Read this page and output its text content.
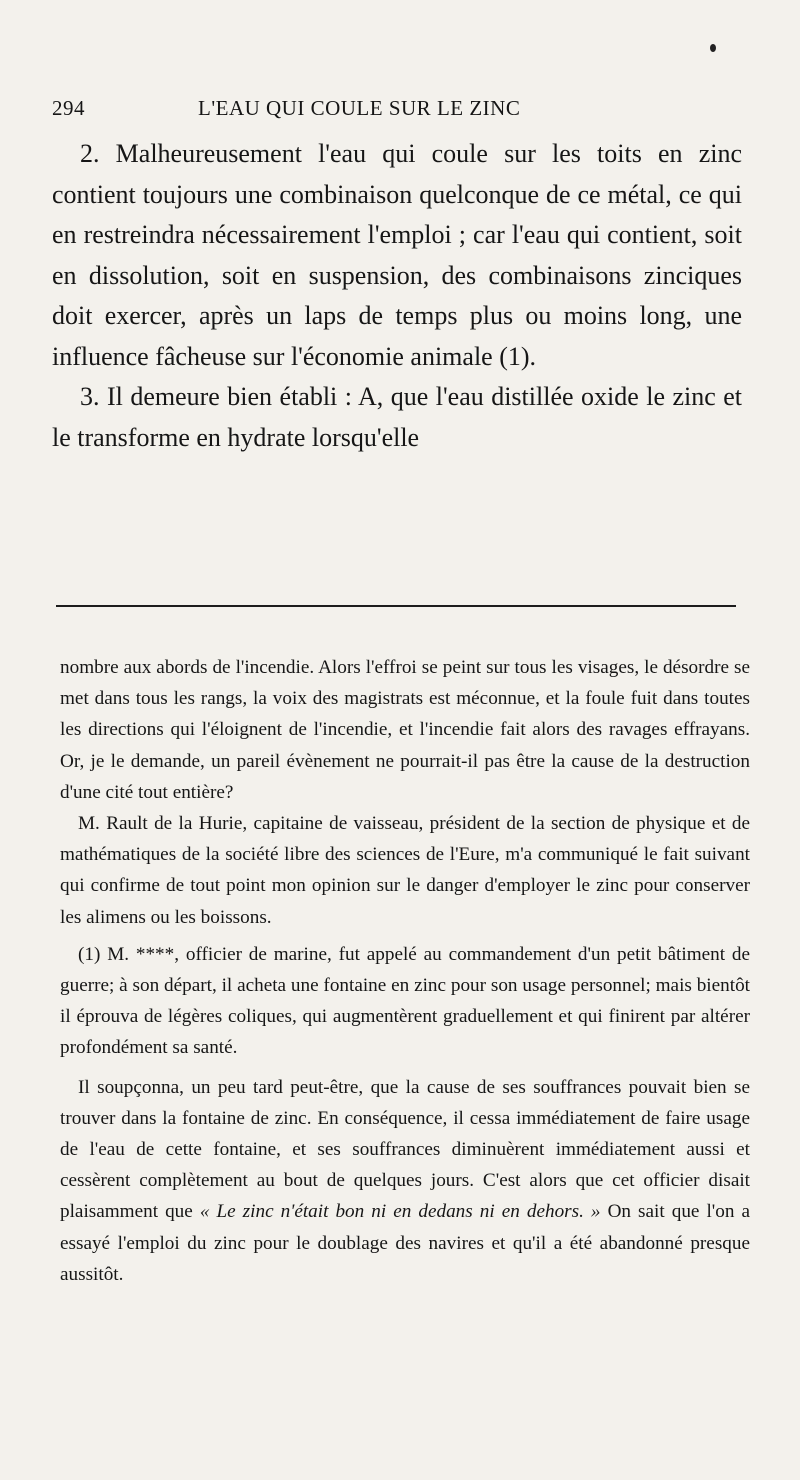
294	L'EAU QUI COULE SUR LE ZINC

2. Malheureusement l'eau qui coule sur les toits en zinc contient toujours une combinaison quelconque de ce métal, ce qui en restreindra nécessairement l'emploi ; car l'eau qui contient, soit en dissolution, soit en suspension, des combinaisons zinciques doit exercer, après un laps de temps plus ou moins long, une influence fâcheuse sur l'économie animale (1).

3. Il demeure bien établi : A, que l'eau distillée oxide le zinc et le transforme en hydrate lorsqu'elle

nombre aux abords de l'incendie. Alors l'effroi se peint sur tous les visages, le désordre se met dans tous les rangs, la voix des magistrats est méconnue, et la foule fuit dans toutes les directions qui l'éloignent de l'incendie, et l'incendie fait alors des ravages effrayans. Or, je le demande, un pareil évènement ne pourrait-il pas être la cause de la destruction d'une cité tout entière?

M. Rault de la Hurie, capitaine de vaisseau, président de la section de physique et de mathématiques de la société libre des sciences de l'Eure, m'a communiqué le fait suivant qui confirme de tout point mon opinion sur le danger d'employer le zinc pour conserver les alimens ou les boissons.

(1) M. ****, officier de marine, fut appelé au commandement d'un petit bâtiment de guerre; à son départ, il acheta une fontaine en zinc pour son usage personnel; mais bientôt il éprouva de légères coliques, qui augmentèrent graduellement et qui finirent par altérer profondément sa santé.

Il soupçonna, un peu tard peut-être, que la cause de ses souffrances pouvait bien se trouver dans la fontaine de zinc. En conséquence, il cessa immédiatement de faire usage de l'eau de cette fontaine, et ses souffrances diminuèrent immédiatement aussi et cessèrent complètement au bout de quelques jours. C'est alors que cet officier disait plaisamment que « Le zinc n'était bon ni en dedans ni en dehors. » On sait que l'on a essayé l'emploi du zinc pour le doublage des navires et qu'il a été abandonné presque aussitôt.
